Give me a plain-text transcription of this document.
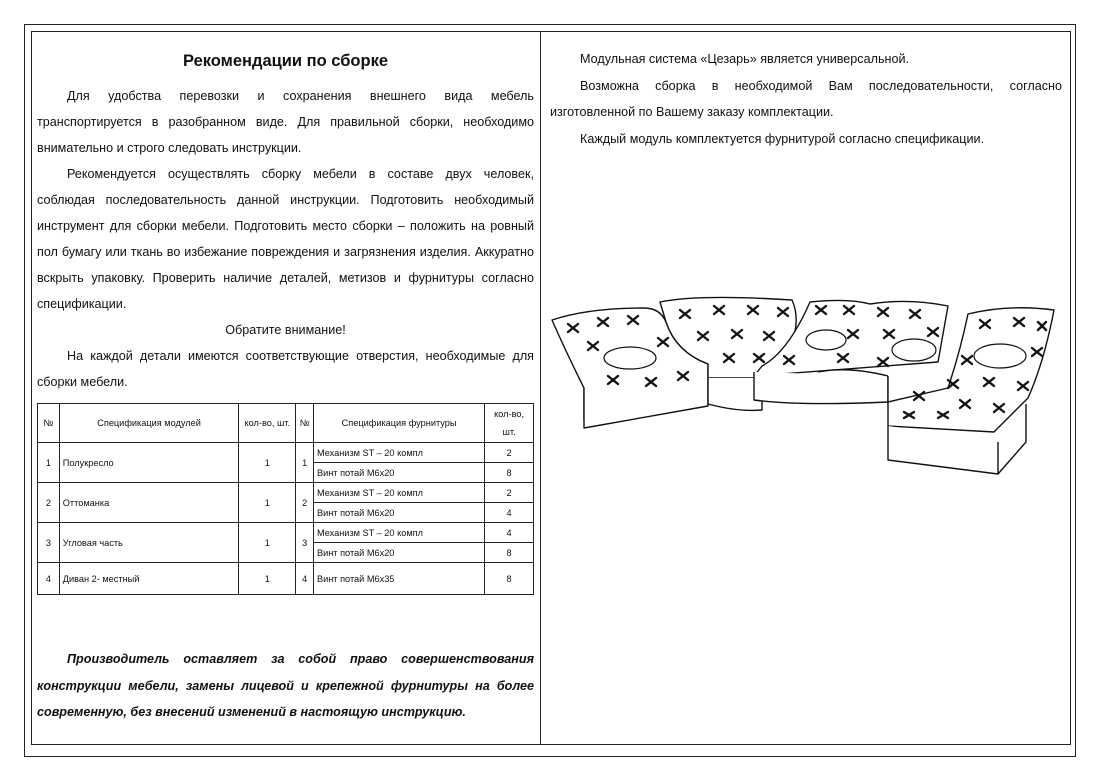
Рекомендации по сборке

Для удобства перевозки и сохранения внешнего вида мебель транспортируется в разобранном виде. Для правильной сборки, необходимо внимательно и строго следовать инструкции.

Рекомендуется осуществлять сборку мебели в составе двух человек, соблюдая последовательность данной инструкции. Подготовить необходимый инструмент для сборки мебели. Подготовить место сборки – положить на ровный пол бумагу или ткань во избежание повреждения и загрязнения изделия. Аккуратно вскрыть упаковку. Проверить наличие деталей, метизов и фурнитуры согласно спецификации.

Обратите внимание!

На каждой детали имеются соответствующие отверстия, необходимые для сборки мебели.

№	Спецификация модулей	кол-во, шт.	№	Спецификация фурнитуры	кол-во, шт.
1	Полукресло	1	1	Механизм ST – 20 компл	2
				Винт потай М6х20	8
2	Оттоманка	1	2	Механизм ST – 20 компл	2
				Винт потай М6х20	4
3	Угловая часть	1	3	Механизм ST – 20 компл	4
				Винт потай М6х20	8
4	Диван 2- местный	1	4	Винт потай М6х35	8
Производитель оставляет за собой право совершенствования конструкции мебели, замены лицевой и крепежной фурнитуры на более современную, без внесений изменений в настоящую инструкцию.

Модульная система «Цезарь» является универсальной.

Возможна сборка в необходимой Вам последовательности, согласно изготовленной по Вашему заказу комплектации.

Каждый модуль комплектуется фурнитурой согласно спецификации.
